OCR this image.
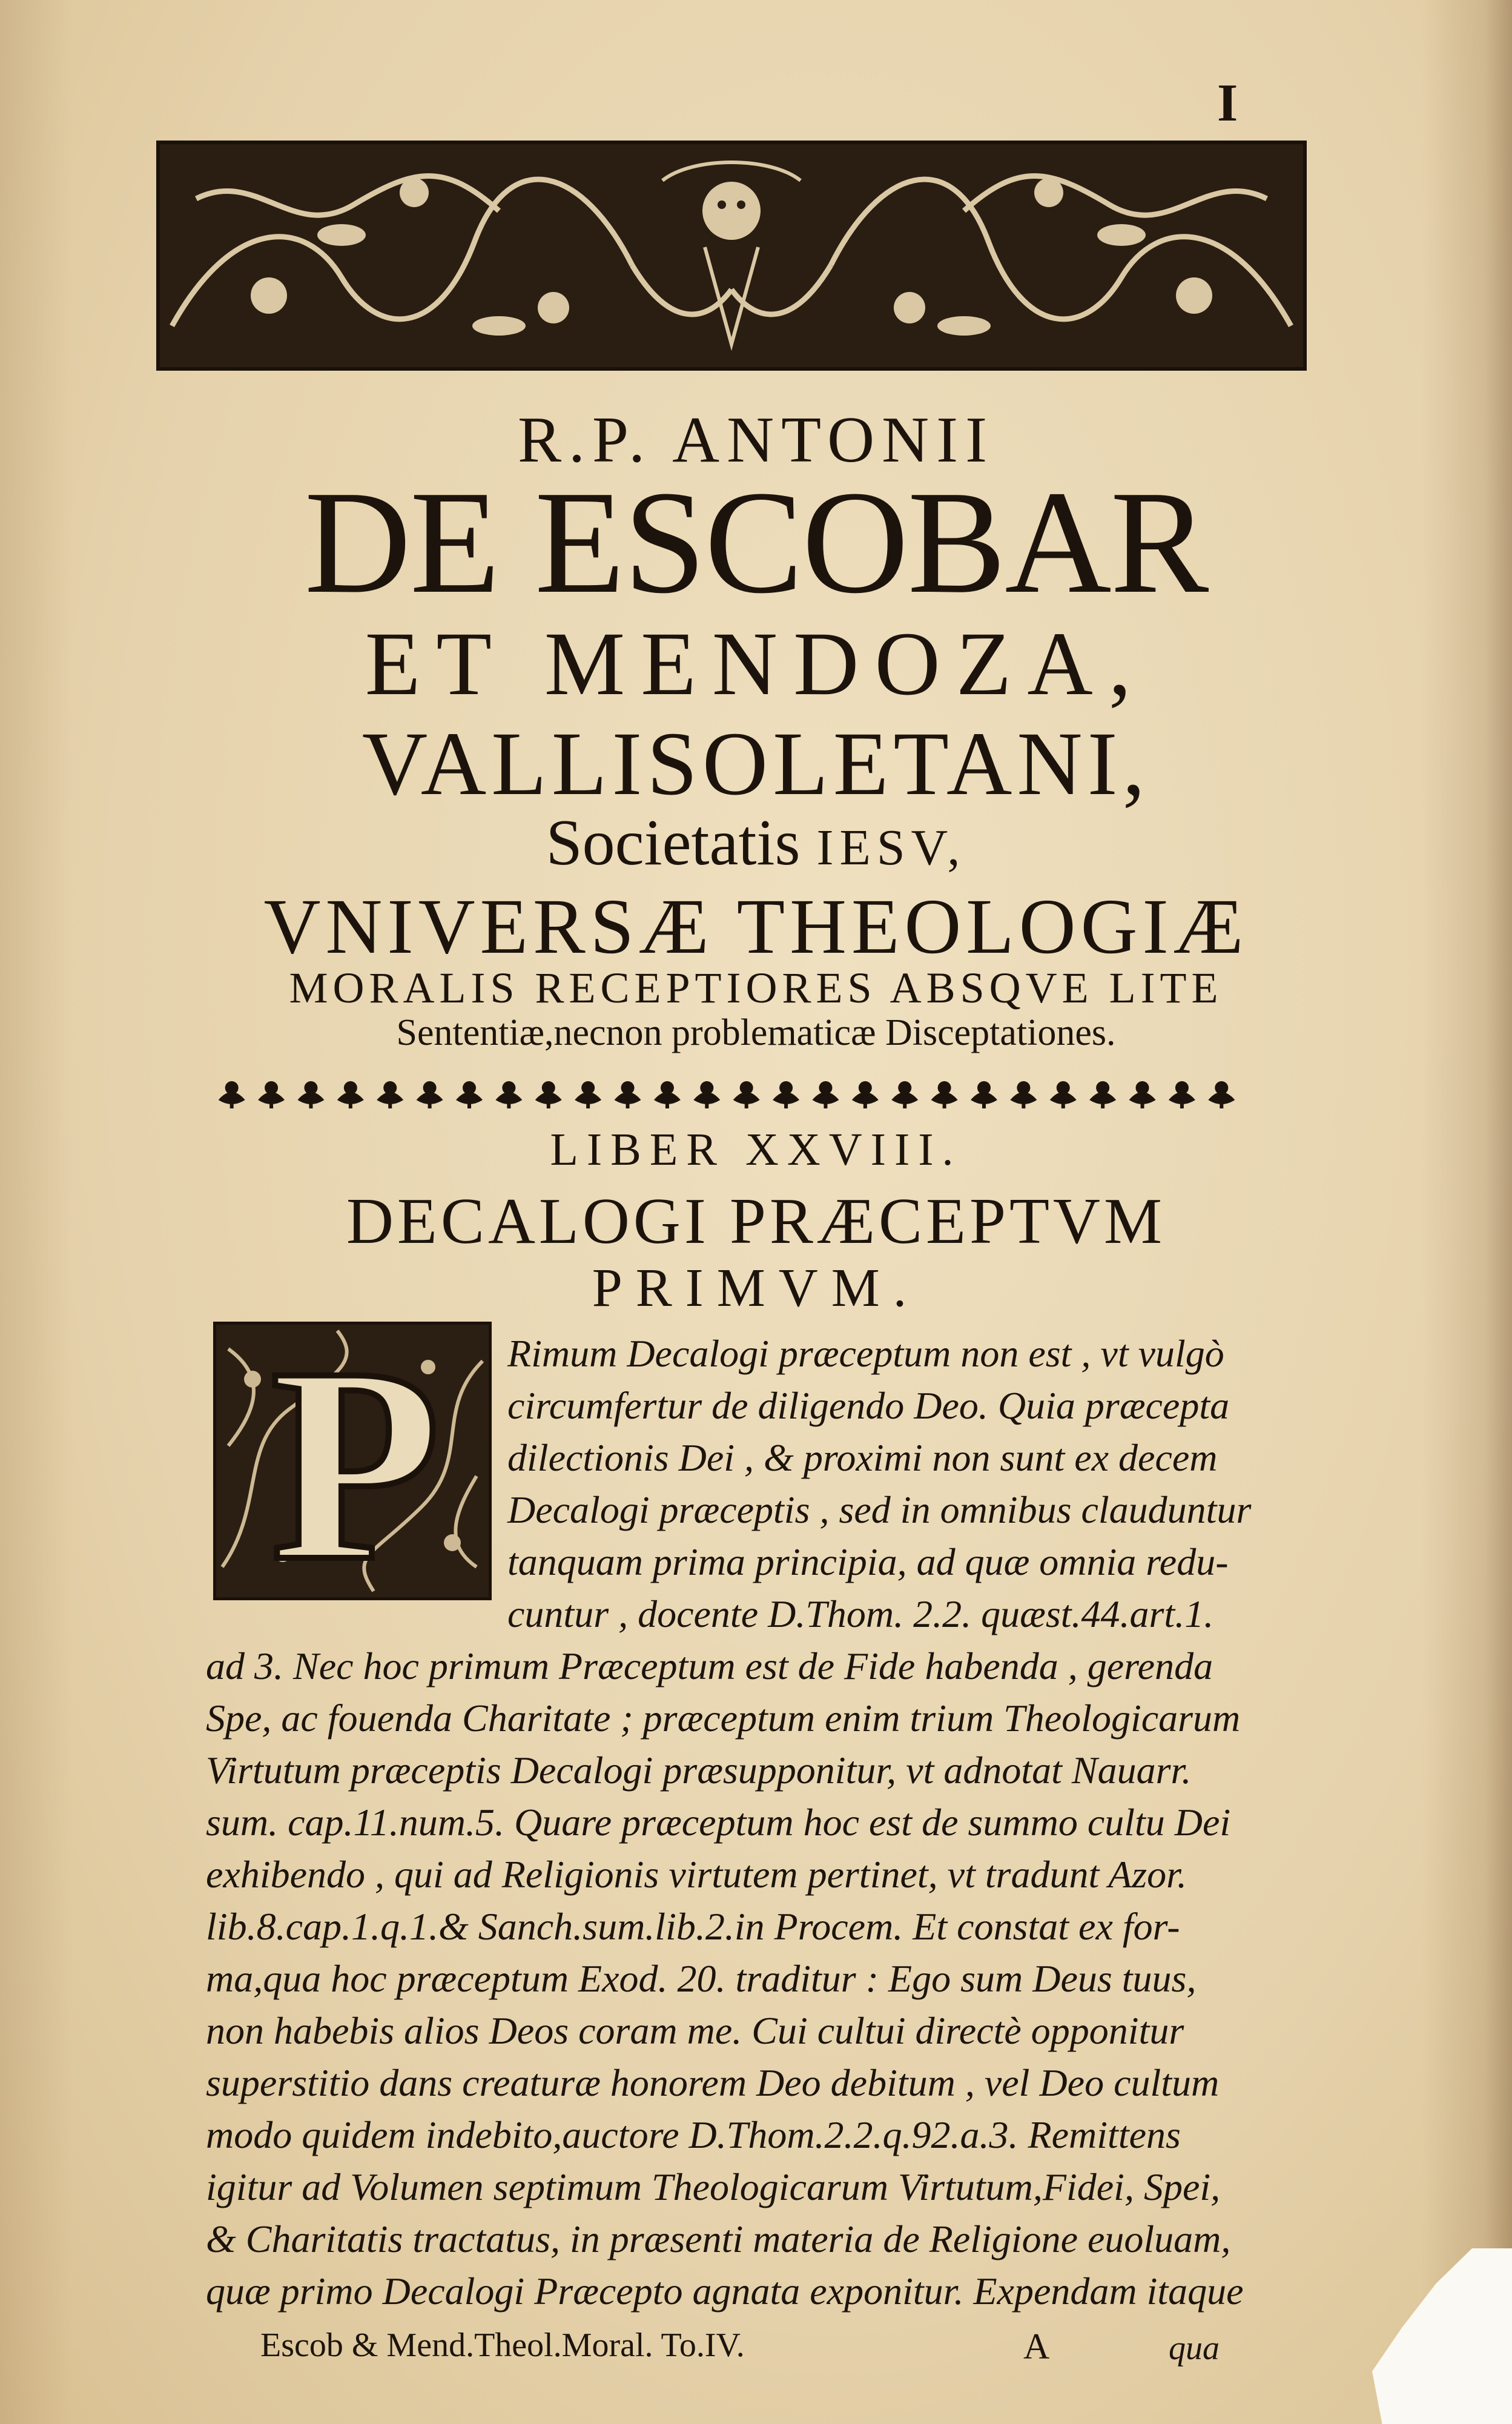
I
R.P. ANTONII
DE ESCOBAR
ET MENDOZA,
VALLISOLETANI,
Societatis IESV,
VNIVERSÆ THEOLOGIÆ
MORALIS RECEPTIORES ABSQVE LITE
Sententiæ,necnon problematicæ Disceptationes.
LIBER XXVIII.
DECALOGI PRÆCEPTVM
PRIMVM.
P	Rimum Decalogi præceptum non est , vt vulgò
circumfertur de diligendo Deo. Quia præcepta
dilectionis Dei , & proximi non sunt ex decem
Decalogi præceptis , sed in omnibus clauduntur
tanquam prima principia, ad quæ omnia redu-
cuntur , docente D.Thom. 2.2. quæst.44.art.1.
ad 3. Nec hoc primum Præceptum est de Fide habenda , gerenda
Spe, ac fouenda Charitate ; præceptum enim trium Theologicarum
Virtutum præceptis Decalogi præsupponitur, vt adnotat Nauarr.
sum. cap.11.num.5. Quare præceptum hoc est de summo cultu Dei
exhibendo , qui ad Religionis virtutem pertinet, vt tradunt Azor.
lib.8.cap.1.q.1.& Sanch.sum.lib.2.in Procem. Et constat ex for-
ma,qua hoc præceptum Exod. 20. traditur : Ego sum Deus tuus,
non habebis alios Deos coram me. Cui cultui directè opponitur
superstitio dans creaturæ honorem Deo debitum , vel Deo cultum
modo quidem indebito,auctore D.Thom.2.2.q.92.a.3. Remittens
igitur ad Volumen septimum Theologicarum Virtutum,Fidei, Spei,
& Charitatis tractatus, in præsenti materia de Religione euoluam,
quæ primo Decalogi Præcepto agnata exponitur. Expendam itaque
Escob & Mend.Theol.Moral. To.IV.	A	qua
